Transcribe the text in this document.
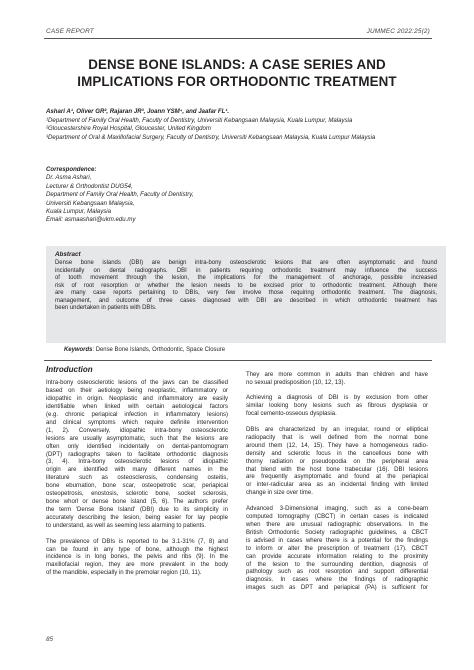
CASE REPORT	JUMMEC 2022:25(2)
DENSE BONE ISLANDS: A CASE SERIES AND
IMPLICATIONS FOR ORTHODONTIC TREATMENT
Ashari A¹, Oliver GR², Rajaran JR³, Joann YSM⁴, and Jaafar FL¹.
¹Department of Family Oral Health, Faculty of Dentistry, Universiti Kebangsaan Malaysia, Kuala Lumpur, Malaysia
²Gloucestershire Royal Hospital, Gloucester, United Kingdom
³Department of Oral & Maxillofacial Surgery, Faculty of Dentistry, Universiti Kebangsaan Malaysia, Kuala Lumpur Malaysia
Correspondence:
Dr. Asma Ashari,
Lecturer & Orthodontist DUG54,
Department of Family Oral Health, Faculty of Dentistry,
Universiti Kebangsaan Malaysia,
Kuala Lumpur, Malaysia
Email: asmaashari@ukm.edu.my
Abstract
Dense bone islands (DBI) are benign intra-bony osteosclerotic lesions that are often asymptomatic and found
incidentally on dental radiographs. DBI in patients requiring orthodontic treatment may influence the success
of tooth movement through the lesion, the implications for the management of anchorage, possible increased
risk of root resorption or whether the lesion needs to be excised prior to orthodontic treatment. Although there
are many case reports pertaining to DBIs, very few involve those requiring orthodontic treatment. The diagnosis,
management, and outcome of three cases diagnosed with DBI are described in which orthodontic treatment has
been undertaken in patients with DBIs.
Keywords: Dense Bone Islands, Orthodontic, Space Closure
Introduction
Intra-bony osteosclerotic lesions of the jaws can be classified
based on their aetiology being neoplastic, inflammatory or
idiopathic in origin. Neoplastic and inflammatory are easily
identifiable when linked with certain aetiological factors
(e.g. chronic periapical infection in inflammatory lesions)
and clinical symptoms which require definite intervention
(1, 2). Conversely, idiopathic intra-bony osteosclerotic
lesions are usually asymptomatic, such that the lesions are
often only identified incidentally on dental-pantomogram
(DPT) radiographs taken to facilitate orthodontic diagnosis
(3, 4). Intra-bony osteosclerotic lesions of idiopathic
origin are identified with many different names in the
literature such as osteosclerosis, condensing osteitis,
bone eburnation, bone scar, osteopetrotic scar, periapical
osteopetrosis, enostosis, sclerotic bone, socket sclerosis,
bone whorl or dense bone island (5, 6). The authors prefer
the term 'Dense Bone Island' (DBI) due to its simplicity in
accurately describing the lesion, being easier for lay people
to understand, as well as seeming less alarming to patients.
The prevalence of DBIs is reported to be 3.1-31% (7, 8) and
can be found in any type of bone, although the highest
incidence is in long bones, the pelvis and ribs (9). In the
maxillofacial region, they are more prevalent in the body
of the mandible, especially in the premolar region (10, 11).
They are more common in adults than children and have
no sexual predisposition (10, 12, 13).
Achieving a diagnosis of DBI is by exclusion from other
similar looking bony lesions such as fibrous dysplasia or
focal cemento-osseous dysplasia.
DBIs are characterized by an irregular, round or elliptical
radiopacity that is well defined from the normal bone
around them (12, 14, 15). They have a homogeneous radio-
density and sclerotic focus in the cancellous bone with
thorny radiation or pseudopodia on the peripheral area
that blend with the host bone trabecular (16). DBI lesions
are frequently asymptomatic and found at the periapical
or inter-radicular area as an incidental finding with limited
change in size over time.
Advanced 3-Dimensional imaging, such as a cone-beam
computed tomography (CBCT) in certain cases is indicated
when there are unusual radiographic observations. In the
British Orthodontic Society radiographic guidelines, a CBCT
is advised in cases where there is a potential for the findings
to inform or alter the prescription of treatment (17). CBCT
can provide accurate information relating to the proximity
of the lesion to the surrounding dentition, diagnosis of
pathology such as root resorption and support differential
diagnosis. In cases where the findings of radiographic
images such as DPT and periapical (PA) is sufficient for
85
